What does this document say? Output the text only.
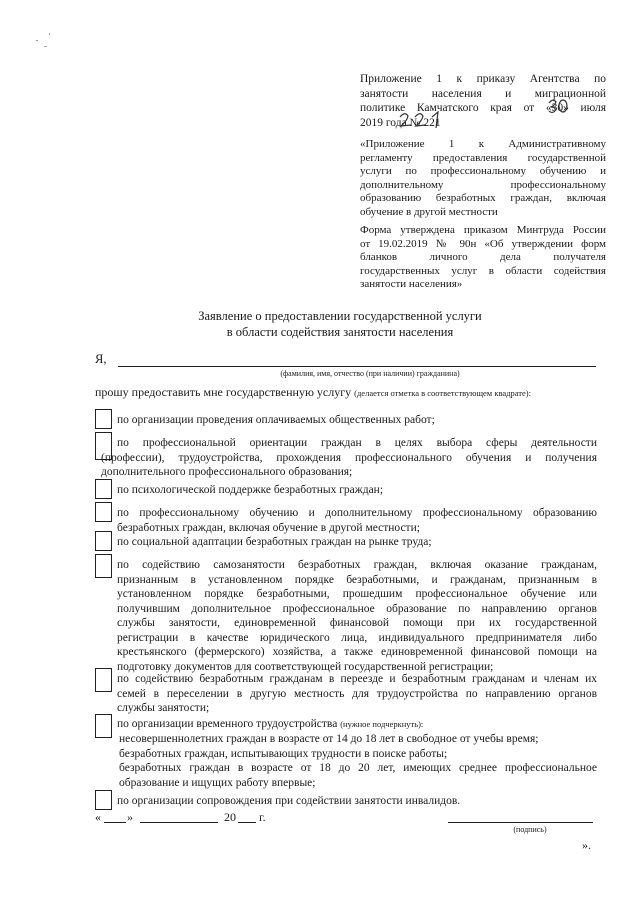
Приложение 1 к приказу Агентства по
занятости населения и миграционной
политике Камчатского края от «30» июля
2019 года № 221
«Приложение 1 к Административному
регламенту предоставления государственной
услуги по профессиональному обучению и
дополнительному профессиональному
образованию безработных граждан, включая
обучение в другой местности
Форма утверждена приказом Минтруда России
от 19.02.2019 № 90н «Об утверждении форм
бланков личного дела получателя
государственных услуг в области содействия
занятости населения»
Заявление о предоставлении государственной услуги
в области содействия занятости населения
Я,
(фамилия, имя, отчество (при наличии) гражданина)
прошу предоставить мне государственную услугу (делается отметка в соответствующем квадрате):
по организации проведения оплачиваемых общественных работ;
по профессиональной ориентации граждан в целях выбора сферы деятельности
(профессии), трудоустройства, прохождения профессионального обучения и получения
дополнительного профессионального образования;
по психологической поддержке безработных граждан;
по профессиональному обучению и дополнительному профессиональному образованию
безработных граждан, включая обучение в другой местности;
по социальной адаптации безработных граждан на рынке труда;
по содействию самозанятости безработных граждан, включая оказание гражданам,
признанным в установленном порядке безработными, и гражданам, признанным в
установленном порядке безработными, прошедшим профессиональное обучение или
получившим дополнительное профессиональное образование по направлению органов
службы занятости, единовременной финансовой помощи при их государственной
регистрации в качестве юридического лица, индивидуального предпринимателя либо
крестьянского (фермерского) хозяйства, а также единовременной финансовой помощи на
подготовку документов для соответствующей государственной регистрации;
по содействию безработным гражданам в переезде и безработным гражданам и членам их
семей в переселении в другую местность для трудоустройства по направлению органов
службы занятости;
по организации временного трудоустройства (нужное подчеркнуть):
несовершеннолетних граждан в возрасте от 14 до 18 лет в свободное от учебы время;
безработных граждан, испытывающих трудности в поиске работы;
безработных граждан в возрасте от 18 до 20 лет, имеющих среднее профессиональное
образование и ищущих работу впервые;
по организации сопровождения при содействии занятости инвалидов.
« »	20 г.
(подпись)
».
